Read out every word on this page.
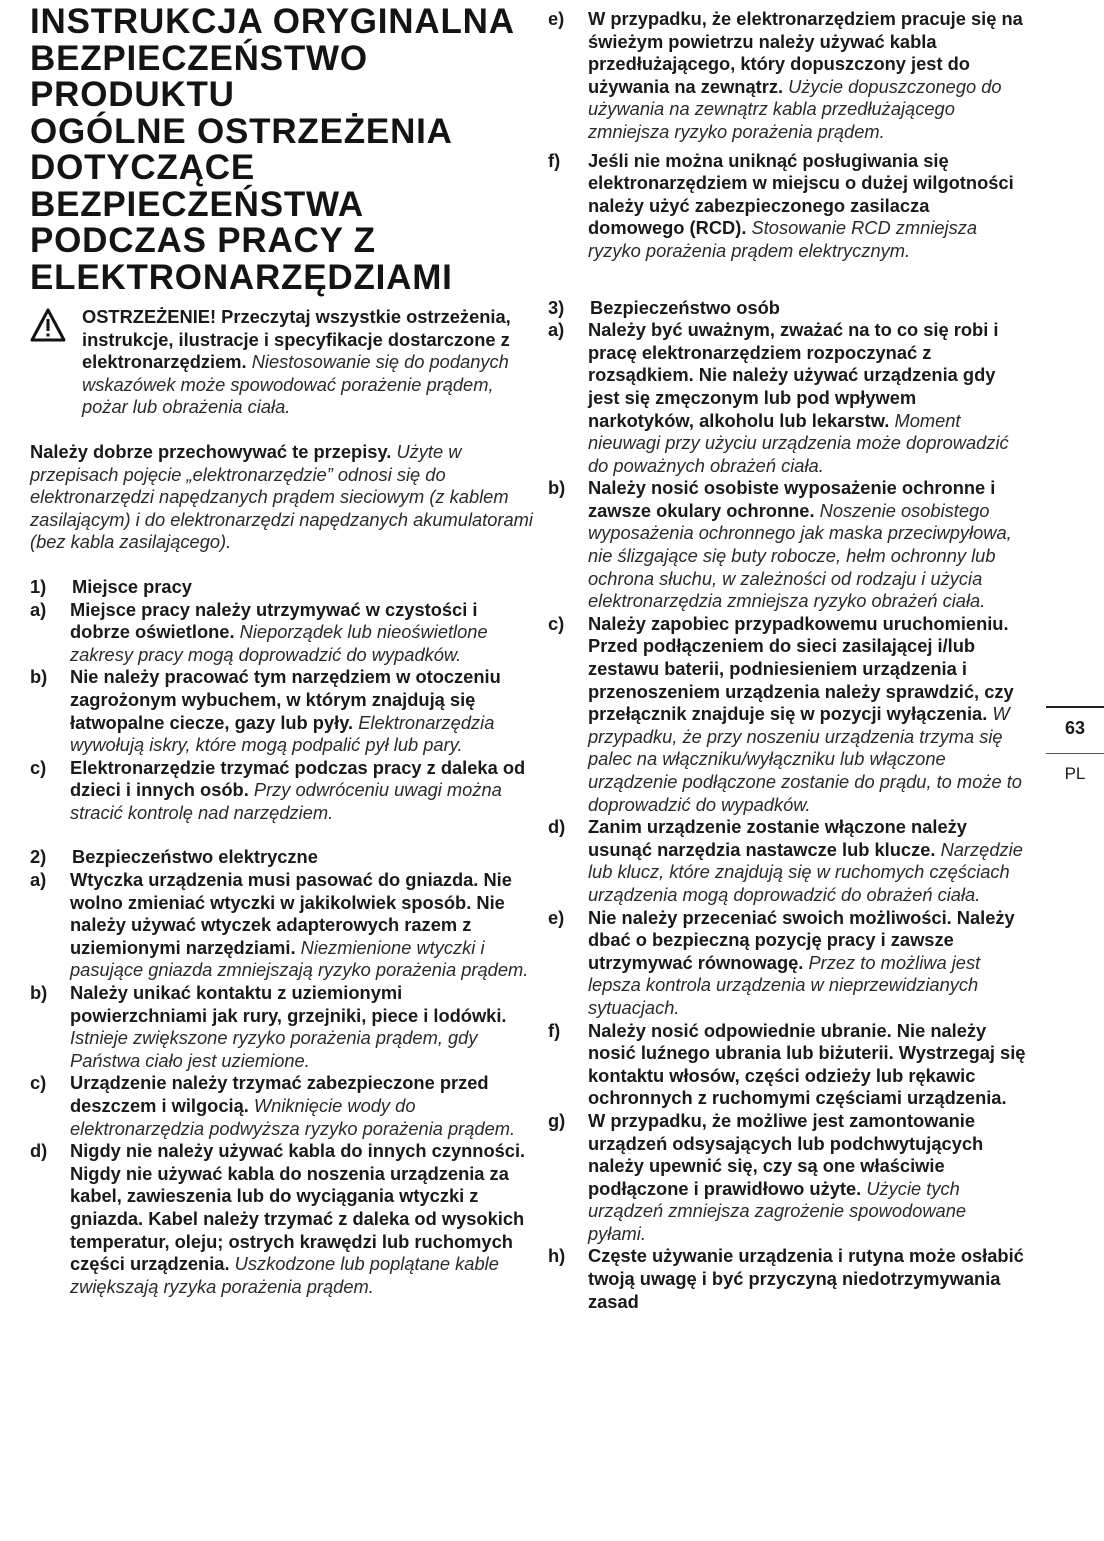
INSTRUKCJA ORYGINALNA
BEZPIECZEŃSTWO
PRODUKTU
OGÓLNE OSTRZEŻENIA
DOTYCZĄCE
BEZPIECZEŃSTWA
PODCZAS PRACY Z
ELEKTRONARZĘDZIAMI
OSTRZEŻENIE! Przeczytaj wszystkie ostrzeżenia, instrukcje, ilustracje i specyfikacje dostarczone z elektronarzędziem. Niestosowanie się do podanych wskazówek może spowodować porażenie prądem, pożar lub obrażenia ciała.
Należy dobrze przechowywać te przepisy. Użyte w przepisach pojęcie „elektronarzędzie” odnosi się do elektronarzędzi napędzanych prądem sieciowym (z kablem zasilającym) i do elektronarzędzi napędzanych akumulatorami (bez kabla zasilającego).
1) Miejsce pracy
a) Miejsce pracy należy utrzymywać w czystości i dobrze oświetlone. Nieporządek lub nieoświetlone zakresy pracy mogą doprowadzić do wypadków.
b) Nie należy pracować tym narzędziem w otoczeniu zagrożonym wybuchem, w którym znajdują się łatwopalne ciecze, gazy lub pyły. Elektronarzędzia wywołują iskry, które mogą podpalić pył lub pary.
c) Elektronarzędzie trzymać podczas pracy z daleka od dzieci i innych osób. Przy odwróceniu uwagi można stracić kontrolę nad narzędziem.
2) Bezpieczeństwo elektryczne
a) Wtyczka urządzenia musi pasować do gniazda. Nie wolno zmieniać wtyczki w jakikolwiek sposób. Nie należy używać wtyczek adapterowych razem z uziemionymi narzędziami. Niezmienione wtyczki i pasujące gniazda zmniejszają ryzyko porażenia prądem.
b) Należy unikać kontaktu z uziemionymi powierzchniami jak rury, grzejniki, piece i lodówki. Istnieje zwiększone ryzyko porażenia prądem, gdy Państwa ciało jest uziemione.
c) Urządzenie należy trzymać zabezpieczone przed deszczem i wilgocią. Wniknięcie wody do elektronarzędzia podwyższa ryzyko porażenia prądem.
d) Nigdy nie należy używać kabla do innych czynności. Nigdy nie używać kabla do noszenia urządzenia za kabel, zawieszenia lub do wyciągania wtyczki z gniazda. Kabel należy trzymać z daleka od wysokich temperatur, oleju; ostrych krawędzi lub ruchomych części urządzenia. Uszkodzone lub poplątane kable zwiększają ryzyka porażenia prądem.
e) W przypadku, że elektronarzędziem pracuje się na świeżym powietrzu należy używać kabla przedłużającego, który dopuszczony jest do używania na zewnątrz. Użycie dopuszczonego do używania na zewnątrz kabla przedłużającego zmniejsza ryzyko porażenia prądem.
f) Jeśli nie można uniknąć posługiwania się elektronarzędziem w miejscu o dużej wilgotności należy użyć zabezpieczonego zasilacza domowego (RCD). Stosowanie RCD zmniejsza ryzyko porażenia prądem elektrycznym.
3) Bezpieczeństwo osób
a) Należy być uważnym, zważać na to co się robi i pracę elektronarzędziem rozpoczynać z rozsądkiem. Nie należy używać urządzenia gdy jest się zmęczonym lub pod wpływem narkotyków, alkoholu lub lekarstw. Moment nieuwagi przy użyciu urządzenia może doprowadzić do poważnych obrażeń ciała.
b) Należy nosić osobiste wyposażenie ochronne i zawsze okulary ochronne. Noszenie osobistego wyposażenia ochronnego jak maska przeciwpyłowa, nie ślizgające się buty robocze, hełm ochronny lub ochrona słuchu, w zależności od rodzaju i użycia elektronarzędzia zmniejsza ryzyko obrażeń ciała.
c) Należy zapobiec przypadkowemu uruchomieniu. Przed podłączeniem do sieci zasilającej i/lub zestawu baterii, podniesieniem urządzenia i przenoszeniem urządzenia należy sprawdzić, czy przełącznik znajduje się w pozycji wyłączenia. W przypadku, że przy noszeniu urządzenia trzyma się palec na włączniku/wyłączniku lub włączone urządzenie podłączone zostanie do prądu, to może to doprowadzić do wypadków.
d) Zanim urządzenie zostanie włączone należy usunąć narzędzia nastawcze lub klucze. Narzędzie lub klucz, które znajdują się w ruchomych częściach urządzenia mogą doprowadzić do obrażeń ciała.
e) Nie należy przeceniać swoich możliwości. Należy dbać o bezpieczną pozycję pracy i zawsze utrzymywać równowagę. Przez to możliwa jest lepsza kontrola urządzenia w nieprzewidzianych sytuacjach.
f) Należy nosić odpowiednie ubranie. Nie należy nosić luźnego ubrania lub biżuterii. Wystrzegaj się kontaktu włosów, części odzieży lub rękawic ochronnych z ruchomymi częściami urządzenia.
g) W przypadku, że możliwe jest zamontowanie urządzeń odsysających lub podchwytujących należy upewnić się, czy są one właściwie podłączone i prawidłowo użyte. Użycie tych urządzeń zmniejsza zagrożenie spowodowane pyłami.
h) Częste używanie urządzenia i rutyna może osłabić twoją uwagę i być przyczyną niedotrzymywania zasad
63
PL
